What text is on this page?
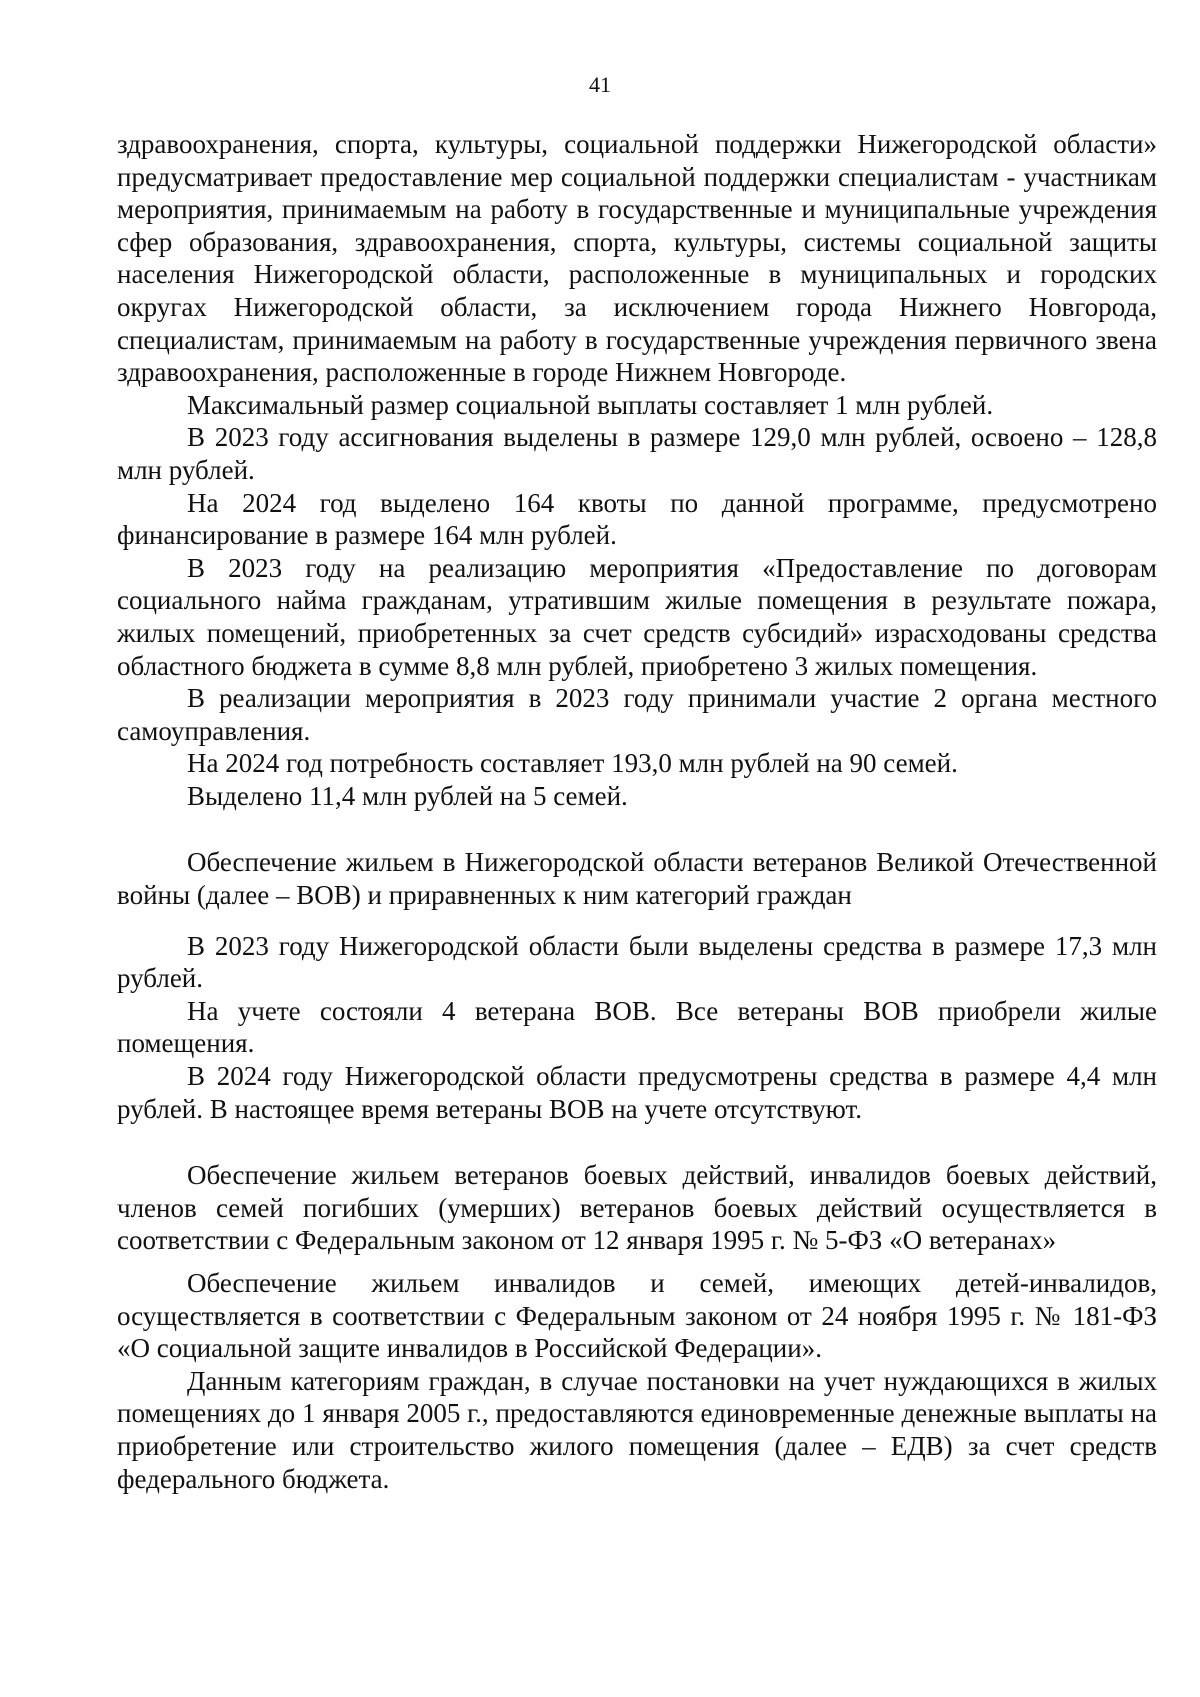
41

здравоохранения, спорта, культуры, социальной поддержки Нижегородской области» предусматривает предоставление мер социальной поддержки специалистам - участникам мероприятия, принимаемым на работу в государственные и муниципальные учреждения сфер образования, здравоохранения, спорта, культуры, системы социальной защиты населения Нижегородской области, расположенные в муниципальных и городских округах Нижегородской области, за исключением города Нижнего Новгорода, специалистам, принимаемым на работу в государственные учреждения первичного звена здравоохранения, расположенные в городе Нижнем Новгороде.

Максимальный размер социальной выплаты составляет 1 млн рублей.

В 2023 году ассигнования выделены в размере 129,0 млн рублей, освоено – 128,8 млн рублей.

На 2024 год выделено 164 квоты по данной программе, предусмотрено финансирование в размере 164 млн рублей.

В 2023 году на реализацию мероприятия «Предоставление по договорам социального найма гражданам, утратившим жилые помещения в результате пожара, жилых помещений, приобретенных за счет средств субсидий» израсходованы средства областного бюджета в сумме 8,8 млн рублей, приобретено 3 жилых помещения.

В реализации мероприятия в 2023 году принимали участие 2 органа местного самоуправления.

На 2024 год потребность составляет 193,0 млн рублей на 90 семей.

Выделено 11,4 млн рублей на 5 семей.

Обеспечение жильем в Нижегородской области ветеранов Великой Отечественной войны (далее – ВОВ) и приравненных к ним категорий граждан

В 2023 году Нижегородской области были выделены средства в размере 17,3 млн рублей.

На учете состояли 4 ветерана ВОВ. Все ветераны ВОВ приобрели жилые помещения.

В 2024 году Нижегородской области предусмотрены средства в размере 4,4 млн рублей. В настоящее время ветераны ВОВ на учете отсутствуют.

Обеспечение жильем ветеранов боевых действий, инвалидов боевых действий, членов семей погибших (умерших) ветеранов боевых действий осуществляется в соответствии с Федеральным законом от 12 января 1995 г. № 5-ФЗ «О ветеранах»

Обеспечение жильем инвалидов и семей, имеющих детей-инвалидов, осуществляется в соответствии с Федеральным законом от 24 ноября 1995 г. № 181-ФЗ «О социальной защите инвалидов в Российской Федерации».

Данным категориям граждан, в случае постановки на учет нуждающихся в жилых помещениях до 1 января 2005 г., предоставляются единовременные денежные выплаты на приобретение или строительство жилого помещения (далее – ЕДВ) за счет средств федерального бюджета.
